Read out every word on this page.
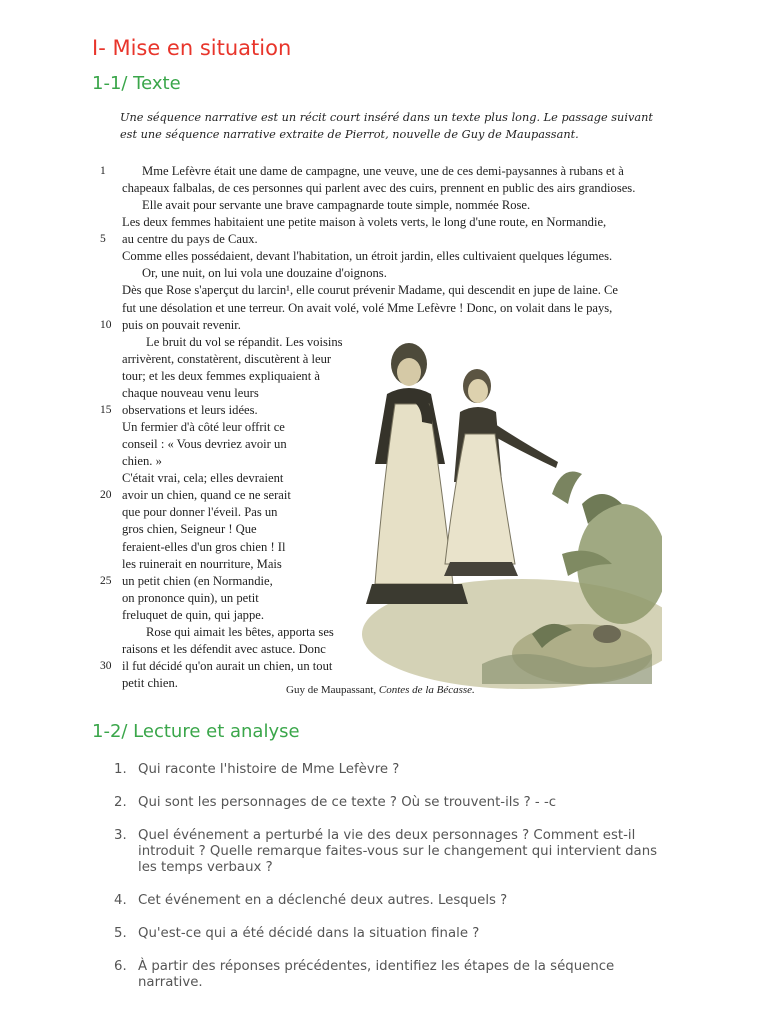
I- Mise en situation
1-1/ Texte

Une séquence narrative est un récit court inséré dans un texte plus long. Le passage suivant est une séquence narrative extraite de Pierrot, nouvelle de Guy de Maupassant.

Mme Lefèvre était une dame de campagne, une veuve, une de ces demi-paysannes à rubans et à
chapeaux falbalas, de ces personnes qui parlent avec des cuirs, prennent en public des airs grandioses.
Elle avait pour servante une brave campagnarde toute simple, nommée Rose.
Les deux femmes habitaient une petite maison à volets verts, le long d'une route, en Normandie,
au centre du pays de Caux.
Comme elles possédaient, devant l'habitation, un étroit jardin, elles cultivaient quelques légumes.
Or, une nuit, on lui vola une douzaine d'oignons.
Dès que Rose s'aperçut du larcin¹, elle courut prévenir Madame, qui descendit en jupe de laine. Ce
fut une désolation et une terreur. On avait volé, volé Mme Lefèvre ! Donc, on volait dans le pays,
puis on pouvait revenir.
Le bruit du vol se répandit. Les voisins
arrivèrent, constatèrent, discutèrent à leur
tour; et les deux femmes expliquaient à
chaque nouveau venu leurs
observations et leurs idées.
Un fermier d'à côté leur offrit ce
conseil : « Vous devriez avoir un
chien. »
C'était vrai, cela; elles devraient
avoir un chien, quand ce ne serait
que pour donner l'éveil. Pas un
gros chien, Seigneur ! Que
feraient-elles d'un gros chien ! Il
les ruinerait en nourriture, Mais
un petit chien (en Normandie,
on prononce quin), un petit
freluquet de quin, qui jappe.
Rose qui aimait les bêtes, apporta ses
raisons et les défendit avec astuce. Donc
il fut décidé qu'on aurait un chien, un tout
petit chien.
1
5
10
15
20
25
30
Guy de Maupassant, Contes de la Bécasse.
1-2/ Lecture et analyse
1. Qui raconte l'histoire de Mme Lefèvre ?
2. Qui sont les personnages de ce texte ? Où se trouvent-ils ? - -c
3. Quel événement a perturbé la vie des deux personnages ? Comment est-il introduit ? Quelle remarque faites-vous sur le changement qui intervient dans les temps verbaux ?
4. Cet événement en a déclenché deux autres. Lesquels ?
5. Qu'est-ce qui a été décidé dans la situation finale ?
6. À partir des réponses précédentes, identifiez les étapes de la séquence narrative.
